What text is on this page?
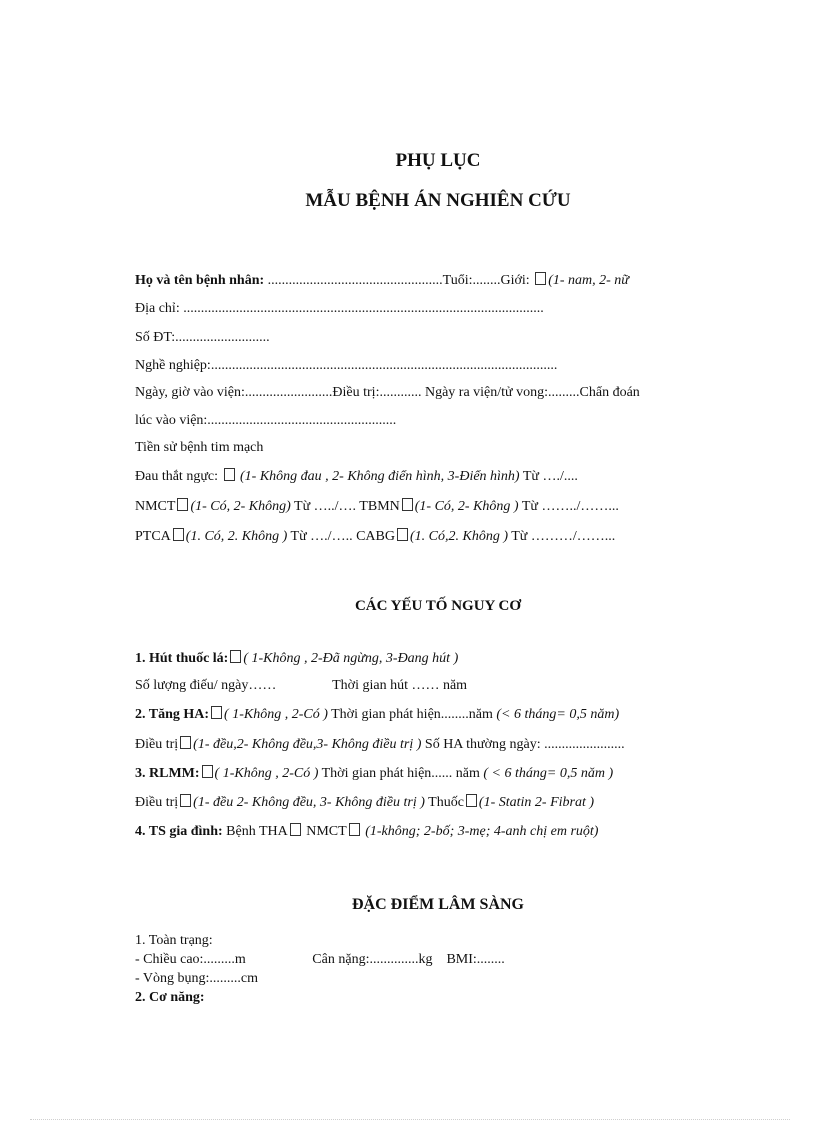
PHỤ LỤC
MẪU BỆNH ÁN NGHIÊN CỨU
Họ và tên bệnh nhân: ..................................................Tuổi:........Giới: (1- nam, 2- nữ
Địa chỉ: .......................................................................................................
Số ĐT:...........................
Nghề nghiệp:...................................................................................................
Ngày, giờ vào viện:.........................Điều trị:............ Ngày ra viện/tử vong:.........Chẩn đoán
lúc vào viện:......................................................
Tiền sử bệnh tim mạch
Đau thắt ngực: (1- Không đau , 2- Không điển hình, 3-Điển hình) Từ …./....
NMCT (1- Có, 2- Không) Từ …../…. TBMN (1- Có, 2- Không ) Từ ……../……...
PTCA (1. Có, 2. Không ) Từ …./….. CABG (1. Có,2. Không ) Từ ………/……...
CÁC YẾU TỐ NGUY CƠ
1. Hút thuốc lá: ( 1-Không , 2-Đã ngừng, 3-Đang hút )
Số lượng điếu/ ngày……                Thời gian hút …… năm
2. Tăng HA: ( 1-Không , 2-Có ) Thời gian phát hiện........năm (< 6 tháng= 0,5 năm)
Điều trị (1- đều,2- Không đều,3- Không điều trị ) Số HA thường ngày: .......................
3. RLMM: ( 1-Không , 2-Có ) Thời gian phát hiện...... năm ( < 6 tháng= 0,5 năm )
Điều trị (1- đều 2- Không đều, 3- Không điều trị ) Thuốc (1- Statin 2- Fibrat )
4. TS gia đình: Bệnh THA NMCT (1-không; 2-bố; 3-mẹ; 4-anh chị em ruột)
ĐẶC ĐIỂM LÂM SÀNG
1. Toàn trạng:
- Chiều cao:.........m                   Cân nặng:..............kg    BMI:........
- Vòng bụng:.........cm
2. Cơ năng:
